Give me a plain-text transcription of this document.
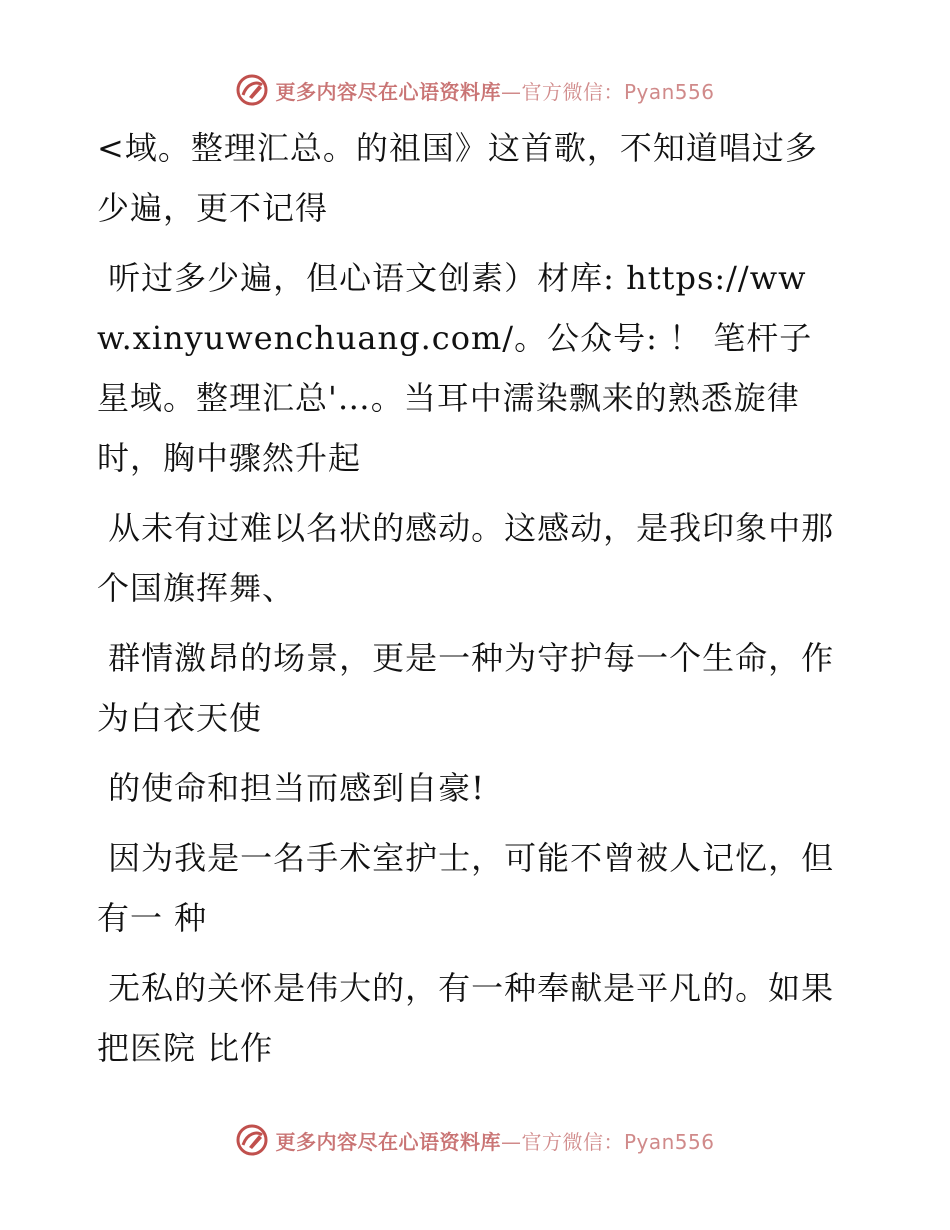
更多内容尽在心语资料库—官方微信：Pyan556

<域。整理汇总。的祖国》这首歌，不知道唱过多少遍，更不记得

听过多少遍，但心语文创素）材库: https://www.xinyuwenchuang.com/。公众号: ！ 笔杆子星域。整理汇总'…。当耳中濡染飘来的熟悉旋律时，胸中骤然升起

从未有过难以名状的感动。这感动，是我印象中那个国旗挥舞、

群情激昂的场景，更是一种为守护每一个生命，作为白衣天使

的使命和担当而感到自豪!

因为我是一名手术室护士，可能不曾被人记忆，但有一 种

无私的关怀是伟大的，有一种奉献是平凡的。如果把医院 比作

更多内容尽在心语资料库—官方微信：Pyan556
